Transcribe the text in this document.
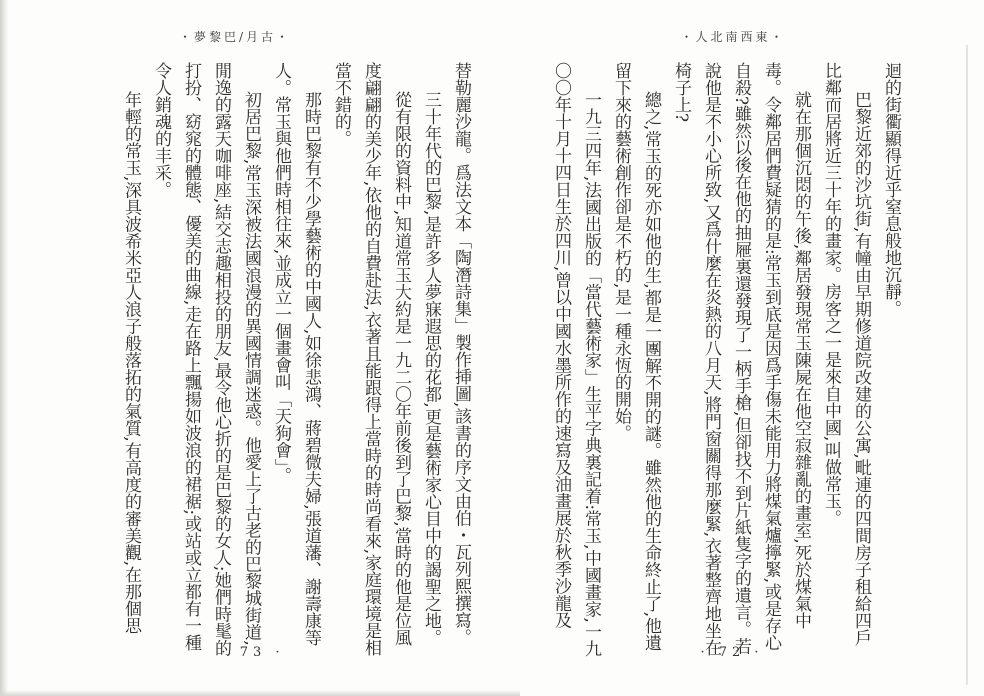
・人北南西東・

迴的街衢顯得近乎窒息般地沉靜。

巴黎近郊的沙坑街,有幢由早期修道院改建的公寓,毗連的四間房子租給四戶比鄰而居將近三十年的畫家。房客之一是來自中國,叫做常玉。

就在那個沉悶的午後,鄰居發現常玉陳屍在他空寂雜亂的畫室,死於煤氣中毒。令鄰居們費疑猜的是:常玉到底是因爲手傷未能用力將煤氣爐擰緊,或是存心自殺?雖然以後在他的抽屜裏還發現了一柄手槍,但卻找不到片紙隻字的遺言。若說他是不小心所致,又爲什麼在炎熱的八月天,將門窗關得那麼緊,衣著整齊地坐在椅子上?

總之,常玉的死亦如他的生,都是一團解不開的謎。雖然他的生命終止了,他遺留下來的藝術創作卻是不朽的,是一種永恆的開始。

一九三四年,法國出版的「當代藝術家」生平字典裏記着:常玉,中國畫家,一九〇〇年十月十四日生於四川,曾以中國水墨所作的速寫及油畫展於秋季沙龍及

· 72 ·
・夢黎巴/月古・

替勒麗沙龍。爲法文本「陶潛詩集」製作挿圖,該書的序文由伯・瓦列熙撰寫。

三十年代的巴黎,是許多人夢寐遐思的花都,更是藝術家心目中的謁聖之地。

從有限的資料中,知道常玉大約是一九二〇年前後到了巴黎,當時的他是位風度翩翩的美少年,依他的自費赴法,衣著且能跟得上當時的時尚看來,家庭環境是相當不錯的。

那時巴黎有不少學藝術的中國人,如徐悲鴻、蔣碧微夫婦,張道藩、謝壽康等人。常玉與他們時相往來,並成立一個畫會叫「天狗會」。

初居巴黎,常玉深被法國浪漫的異國情調迷惑。他愛上了古老的巴黎城街道,閒逸的露天咖啡座,結交志趣相投的朋友,最令他心折的是巴黎的女人;她們時髦的打扮、窈窕的體態、優美的曲線,走在路上飄揚如波浪的裙裾;或站或立都有一種令人銷魂的丰采。

年輕的常玉,深具波希米亞人浪子般落拓的氣質,有高度的審美觀,在那個思

· 73 ·
